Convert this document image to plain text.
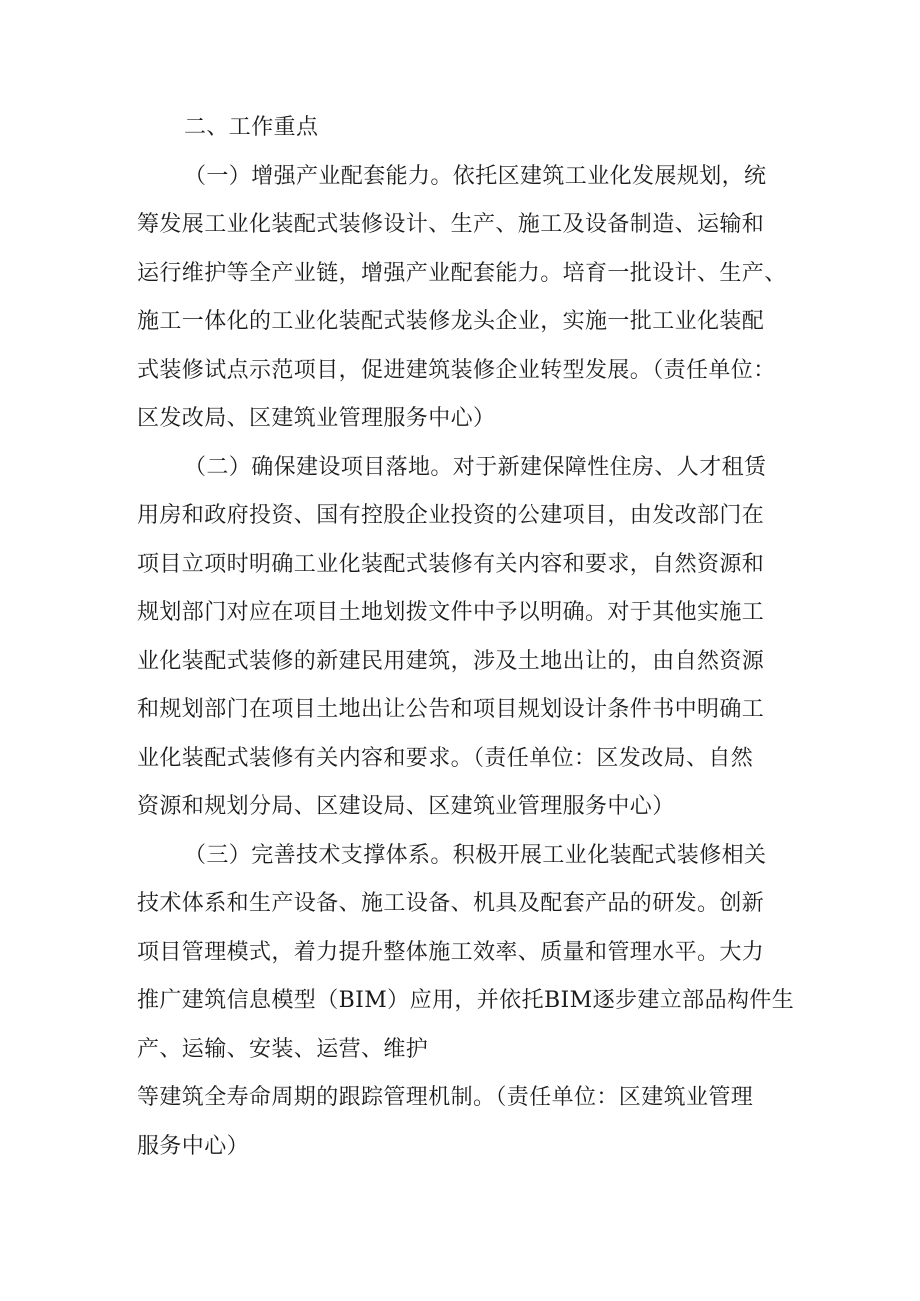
二、工作重点

（一）增强产业配套能力。依托区建筑工业化发展规划，统

筹发展工业化装配式装修设计、生产、施工及设备制造、运输和

运行维护等全产业链，增强产业配套能力。培育一批设计、生产、

施工一体化的工业化装配式装修龙头企业，实施一批工业化装配

式装修试点示范项目，促进建筑装修企业转型发展。（责任单位：

区发改局、区建筑业管理服务中心）

（二）确保建设项目落地。对于新建保障性住房、人才租赁

用房和政府投资、国有控股企业投资的公建项目，由发改部门在

项目立项时明确工业化装配式装修有关内容和要求，自然资源和

规划部门对应在项目土地划拨文件中予以明确。对于其他实施工

业化装配式装修的新建民用建筑，涉及土地出让的，由自然资源

和规划部门在项目土地出让公告和项目规划设计条件书中明确工

业化装配式装修有关内容和要求。（责任单位：区发改局、自然

资源和规划分局、区建设局、区建筑业管理服务中心）

（三）完善技术支撑体系。积极开展工业化装配式装修相关

技术体系和生产设备、施工设备、机具及配套产品的研发。创新

项目管理模式，着力提升整体施工效率、质量和管理水平。大力

推广建筑信息模型（BIM）应用，并依托BIM逐步建立部品构件生

产、运输、安装、运营、维护

等建筑全寿命周期的跟踪管理机制。（责任单位：区建筑业管理

服务中心）
